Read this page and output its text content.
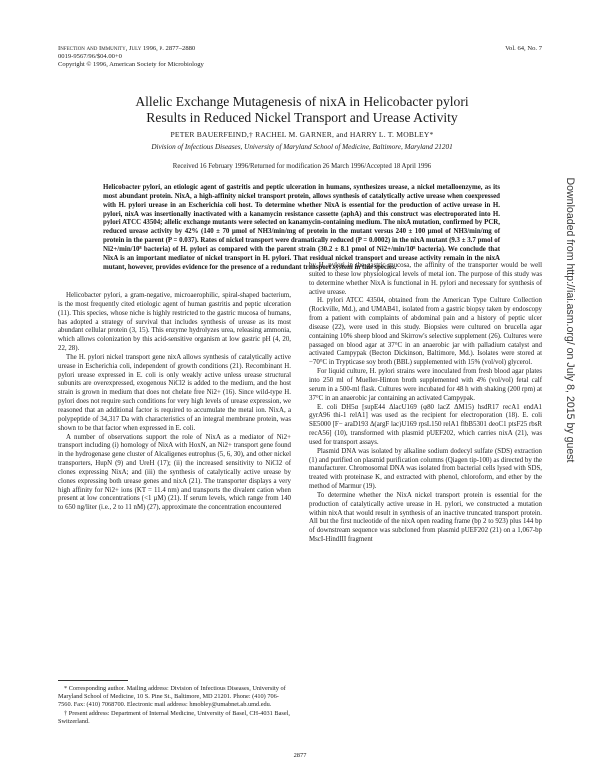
Infection and Immunity, July 1996, p. 2877–2880
0019-9567/96/$04.00+0
Copyright © 1996, American Society for Microbiology
Vol. 64, No. 7
Allelic Exchange Mutagenesis of nixA in Helicobacter pylori
Results in Reduced Nickel Transport and Urease Activity
PETER BAUERFEIND,† RACHEL M. GARNER, and HARRY L. T. MOBLEY*
Division of Infectious Diseases, University of Maryland School of Medicine, Baltimore, Maryland 21201
Received 16 February 1996/Returned for modification 26 March 1996/Accepted 18 April 1996
Helicobacter pylori, an etiologic agent of gastritis and peptic ulceration in humans, synthesizes urease, a nickel metalloenzyme, as its most abundant protein. NixA, a high-affinity nickel transport protein, allows synthesis of catalytically active urease when coexpressed with H. pylori urease in an Escherichia coli host. To determine whether NixA is essential for the production of active urease in H. pylori, nixA was insertionally inactivated with a kanamycin resistance cassette (aphA) and this construct was electroporated into H. pylori ATCC 43504; allelic exchange mutants were selected on kanamycin-containing medium. The nixA mutation, confirmed by PCR, reduced urease activity by 42% (140 ± 70 µmol of NH3/min/mg of protein in the mutant versus 240 ± 100 µmol of NH3/min/mg of protein in the parent (P = 0.037). Rates of nickel transport were dramatically reduced (P = 0.0002) in the nixA mutant (9.3 ± 3.7 pmol of Ni2+/min/10⁸ bacteria) of H. pylori as compared with the parent strain (30.2 ± 8.1 pmol of Ni2+/min/10⁸ bacteria). We conclude that NixA is an important mediator of nickel transport in H. pylori. That residual nickel transport and urease activity remain in the nixA mutant, however, provides evidence for the presence of a redundant transport system in this species.

Helicobacter pylori, a gram-negative, microaerophilic, spiral-shaped bacterium, is the most frequently cited etiologic agent of human gastritis and peptic ulceration (11). This species, whose niche is highly restricted to the gastric mucosa of humans, has adopted a strategy of survival that includes synthesis of urease as its most abundant cellular protein (3, 15). This enzyme hydrolyzes urea, releasing ammonia, which allows colonization by this acid-sensitive organism at low gastric pH (4, 20, 22, 28).

The H. pylori nickel transport gene nixA allows synthesis of catalytically active urease in Escherichia coli, independent of growth conditions (21). Recombinant H. pylori urease expressed in E. coli is only weakly active unless urease structural subunits are overexpressed, exogenous NiCl2 is added to the medium, and the host strain is grown in medium that does not chelate free Ni2+ (16). Since wild-type H. pylori does not require such conditions for very high levels of urease expression, we reasoned that an additional factor is required to accumulate the metal ion. NixA, a polypeptide of 34,317 Da with characteristics of an integral membrane protein, was shown to be that factor when expressed in E. coli.

A number of observations support the role of NixA as a mediator of Ni2+ transport including (i) homology of NixA with HoxN, an Ni2+ transport gene found in the hydrogenase gene cluster of Alcaligenes eutrophus (5, 6, 30), and other nickel transporters, HupN (9) and UreH (17); (ii) the increased sensitivity to NiCl2 of clones expressing NixA; and (iii) the synthesis of catalytically active urease by clones expressing both urease genes and nixA (21). The transporter displays a very high affinity for Ni2+ ions (KT = 11.4 nm) and transports the divalent cation when present at low concentrations (<1 µM) (21). If serum levels, which range from 140 to 650 ng/liter (i.e., 2 to 11 nM) (27), approximate the concentration encountered

* Corresponding author. Mailing address: Division of Infectious Diseases, University of Maryland School of Medicine, 10 S. Pine St., Baltimore, MD 21201. Phone: (410) 706-7560. Fax: (410) 7068700. Electronic mail address: hmobley@umabnet.ab.umd.edu.

† Present address: Department of Internal Medicine, University of Basel, CH-4031 Basel, Switzerland.

by H. pylori in the gastric mucosa, the affinity of the transporter would be well suited to these low physiological levels of metal ion. The purpose of this study was to determine whether NixA is functional in H. pylori and necessary for synthesis of active urease.

H. pylori ATCC 43504, obtained from the American Type Culture Collection (Rockville, Md.), and UMAB41, isolated from a gastric biopsy taken by endoscopy from a patient with complaints of abdominal pain and a history of peptic ulcer disease (22), were used in this study. Biopsies were cultured on brucella agar containing 10% sheep blood and Skirrow's selective supplement (26). Cultures were passaged on blood agar at 37°C in an anaerobic jar with palladium catalyst and activated Campypak (Becton Dickinson, Baltimore, Md.). Isolates were stored at −70°C in Trypticase soy broth (BBL) supplemented with 15% (vol/vol) glycerol.

For liquid culture, H. pylori strains were inoculated from fresh blood agar plates into 250 ml of Mueller-Hinton broth supplemented with 4% (vol/vol) fetal calf serum in a 500-ml flask. Cultures were incubated for 48 h with shaking (200 rpm) at 37°C in an anaerobic jar containing an activated Campypak.

E. coli DH5α [supE44 ΔlacU169 (φ80 lacZ ΔM15) hsdR17 recA1 endA1 gyrA96 thi-1 relA1] was used as the recipient for electroporation (18). E. coli SE5000 [F− araD193 Δ(argF lac)U169 rpsL150 relA1 flbB5301 deoC1 ptsF25 rbsR recA56] (10), transformed with plasmid pUEF202, which carries nixA (21), was used for transport assays.

Plasmid DNA was isolated by alkaline sodium dodecyl sulfate (SDS) extraction (1) and purified on plasmid purification columns (Qiagen tip-100) as directed by the manufacturer. Chromosomal DNA was isolated from bacterial cells lysed with SDS, treated with proteinase K, and extracted with phenol, chloroform, and ether by the method of Marmur (19).

To determine whether the NixA nickel transport protein is essential for the production of catalytically active urease in H. pylori, we constructed a mutation within nixA that would result in synthesis of an inactive truncated transport protein. All but the first nucleotide of the nixA open reading frame (bp 2 to 923) plus 144 bp of downstream sequence was subcloned from plasmid pUEF202 (21) on a 1,067-bp MscI-HindIII fragment

2877
Downloaded from http://iai.asm.org/ on July 8, 2015 by guest
